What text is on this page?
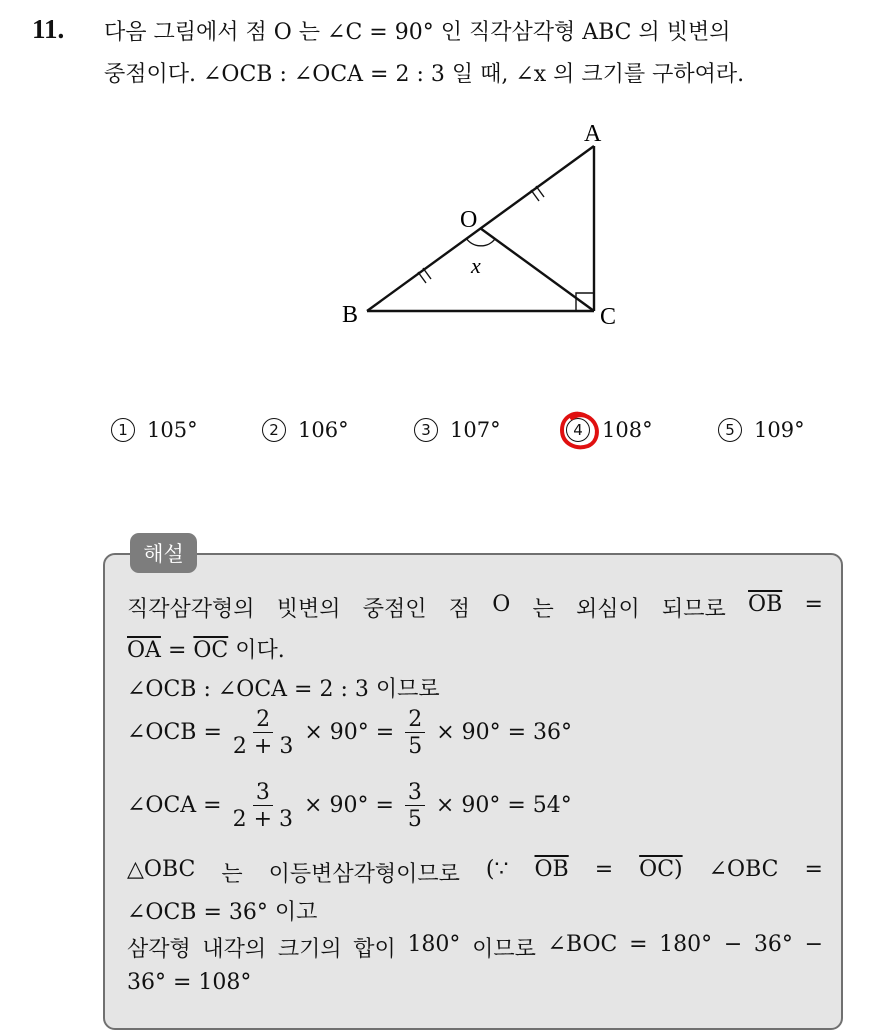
11. 다음 그림에서 점 O 는 ∠C = 90° 인 직각삼각형 ABC 의 빗변의
중점이다. ∠OCB : ∠OCA = 2 : 3 일 때, ∠x 의 크기를 구하여라.
A
B	C
O
x
1 105°	2 106°	3 107°	4 108°	5 109°
해설
직각삼각형의 빗변의 중점인 점 O 는 외심이 되므로 $\overline{OB}$ =
$\overline{OA} = \overline{OC}$ 이다.
∠OCB : ∠OCA = 2 : 3 이므로
∠OCB = $\frac{2}{2 + 3} \times 90^\circ = \frac{2}{5} \times 90^\circ = 36^\circ$
∠OCA = $\frac{3}{2 + 3} \times 90^\circ = \frac{3}{5} \times 90^\circ = 54^\circ$
△OBC 는 이등변삼각형이므로 (∵ $\overline{OB} = OC$) ∠OBC =
∠OCB = 36° 이고
삼각형 내각의 크기의 합이 180° 이므로 ∠BOC = 180° − 36° −
36° = 108°
